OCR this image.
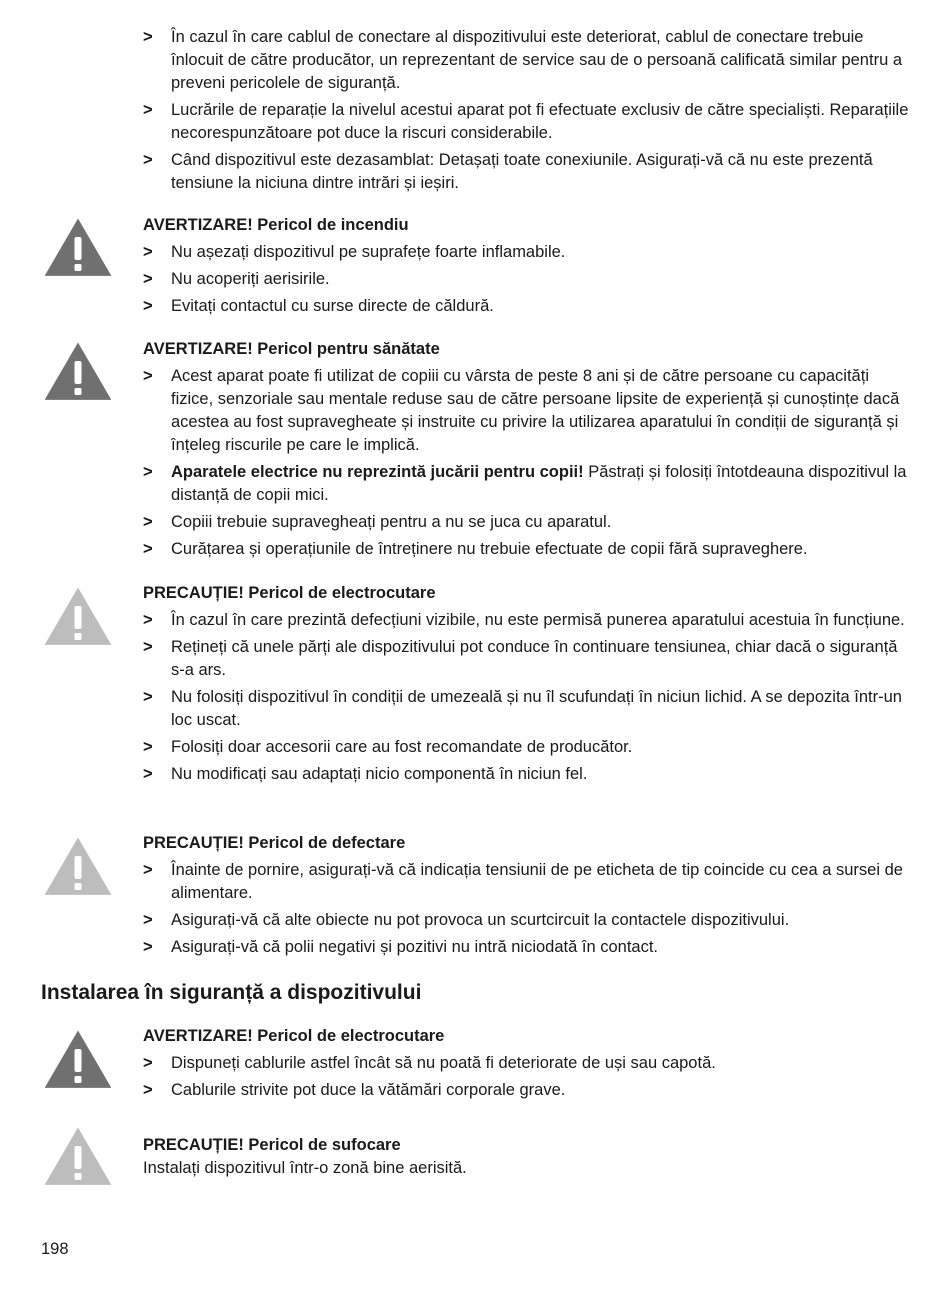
> În cazul în care cablul de conectare al dispozitivului este deteriorat, cablul de conectare trebuie înlocuit de către producător, un reprezentant de service sau de o persoană calificată similar pentru a preveni pericolele de siguranță.
> Lucrările de reparație la nivelul acestui aparat pot fi efectuate exclusiv de către specialiști. Reparațiile necorespunzătoare pot duce la riscuri considerabile.
> Când dispozitivul este dezasamblat: Detașați toate conexiunile. Asigurați-vă că nu este prezentă tensiune la niciuna dintre intrări și ieșiri.
AVERTIZARE! Pericol de incendiu
> Nu așezați dispozitivul pe suprafețe foarte inflamabile.
> Nu acoperiți aerisirile.
> Evitați contactul cu surse directe de căldură.
AVERTIZARE! Pericol pentru sănătate
> Acest aparat poate fi utilizat de copiii cu vârsta de peste 8 ani și de către persoane cu capacități fizice, senzoriale sau mentale reduse sau de către persoane lipsite de experiență și cunoștințe dacă acestea au fost supravegheate și instruite cu privire la utilizarea aparatului în condiții de siguranță și înțeleg riscurile pe care le implică.
> Aparatele electrice nu reprezintă jucării pentru copii! Păstrați și folosiți întotdeauna dispozitivul la distanță de copii mici.
> Copiii trebuie supravegheați pentru a nu se juca cu aparatul.
> Curățarea și operațiunile de întreținere nu trebuie efectuate de copii fără supraveghere.
PRECAUȚIE! Pericol de electrocutare
> În cazul în care prezintă defecțiuni vizibile, nu este permisă punerea aparatului acestuia în funcțiune.
> Rețineți că unele părți ale dispozitivului pot conduce în continuare tensiunea, chiar dacă o siguranță s-a ars.
> Nu folosiți dispozitivul în condiții de umezeală și nu îl scufundați în niciun lichid. A se depozita într-un loc uscat.
> Folosiți doar accesorii care au fost recomandate de producător.
> Nu modificați sau adaptați nicio componentă în niciun fel.
PRECAUȚIE! Pericol de defectare
> Înainte de pornire, asigurați-vă că indicația tensiunii de pe eticheta de tip coincide cu cea a sursei de alimentare.
> Asigurați-vă că alte obiecte nu pot provoca un scurtcircuit la contactele dispozitivului.
> Asigurați-vă că polii negativi și pozitivi nu intră niciodată în contact.
Instalarea în siguranță a dispozitivului
AVERTIZARE! Pericol de electrocutare
> Dispuneți cablurile astfel încât să nu poată fi deteriorate de uși sau capotă.
> Cablurile strivite pot duce la vătămări corporale grave.
PRECAUȚIE! Pericol de sufocare
Instalați dispozitivul într-o zonă bine aerisită.
198
